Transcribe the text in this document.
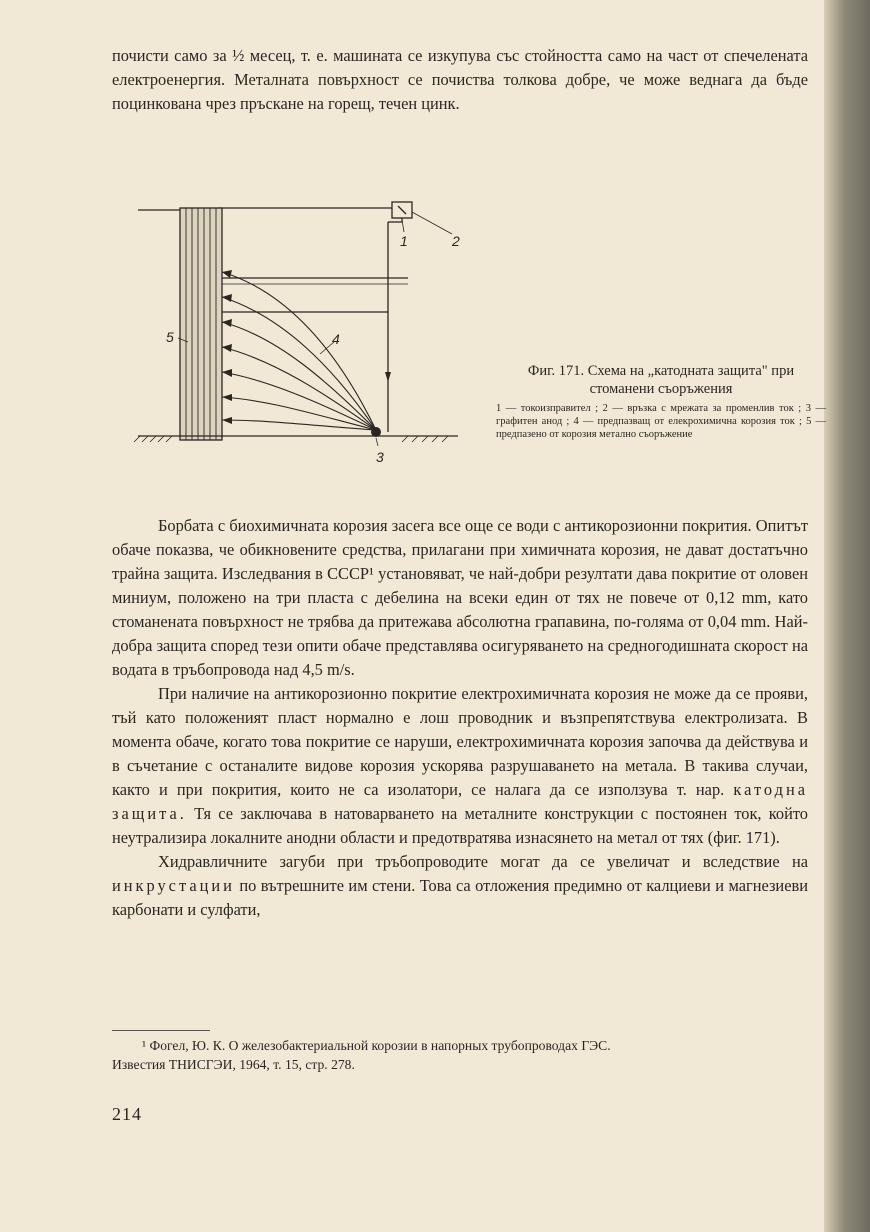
почисти само за ½ месец, т. е. машината се изкупува със стойността само на част от спечелената електроенергия. Металната повърхност се почиства толкова добре, че може веднага да бъде поцинкована чрез пръскане на горещ, течен цинк.

1	2
3
4
5
Фиг. 171. Схема на „катодната защита" при стоманени съоръжения
1 — токоизправител ; 2 — връзка с мрежата за променлив ток ; 3 — графитен анод ; 4 — предпазващ от елекрохимична корозия ток ; 5 — предпазено от корозия метално съоръжение

Борбата с биохимичната корозия засега все още се води с антикорозионни покрития. Опитът обаче показва, че обикновените средства, прилагани при химичната корозия, не дават достатъчно трайна защита. Изследвания в СССР¹ установяват, че най-добри резултати дава покритие от оловен миниум, положено на три пласта с дебелина на всеки един от тях не повече от 0,12 mm, като стоманената повърхност не трябва да притежава абсолютна грапавина, по-голяма от 0,04 mm. Най-добра защита според тези опити обаче представлява осигуряването на средногодишната скорост на водата в тръбопровода над 4,5 m/s.

При наличие на антикорозионно покритие електрохимичната корозия не може да се прояви, тъй като положеният пласт нормално е лош проводник и възпрепятствува електролизата. В момента обаче, когато това покритие се наруши, електрохимичната корозия започва да действува и в съчетание с останалите видове корозия ускорява разрушаването на метала. В такива случаи, както и при покрития, които не са изолатори, се налага да се използува т. нар. катодна защита. Тя се заключава в натоварването на металните конструкции с постоянен ток, който неутрализира локалните анодни области и предотвратява изнасянето на метал от тях (фиг. 171).

Хидравличните загуби при тръбопроводите могат да се увеличат и вследствие на инкрустации по вътрешните им стени. Това са отложения предимно от калциеви и магнезиеви карбонати и сулфати,

¹ Фогел, Ю. К. О железобактериальной корозии в напорных трубопроводах ГЭС.
Известия ТНИСГЭИ, 1964, т. 15, стр. 278.
214
